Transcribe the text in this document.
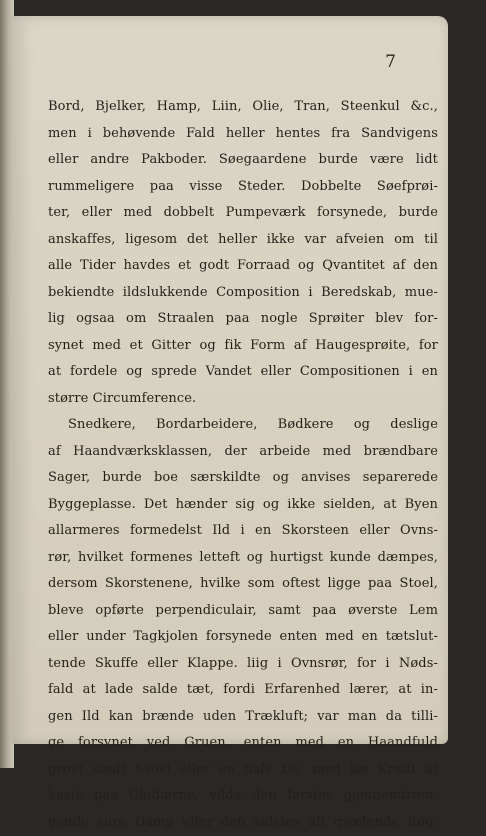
7
Bord, Bjelker, Hamp, Liin, Olie, Tran, Steenkul &c.,
men i behøvende Fald heller hentes fra Sandvigens
eller andre Pakboder. Søegaardene burde være lidt
rummeligere paa visse Steder. Dobbelte Søefprøi-
ter, eller med dobbelt Pumpeværk forsynede, burde
anskaffes, ligesom det heller ikke var afveien om til
alle Tider havdes et godt Forraad og Qvantitet af den
bekiendte ildslukkende Composition i Beredskab, mue-
lig ogsaa om Straalen paa nogle Sprøiter blev for-
synet med et Gitter og fik Form af Haugesprøite, for
at fordele og sprede Vandet eller Compositionen i en
større Circumference.
Snedkere, Bordarbeidere, Bødkere og deslige
af Haandværksklassen, der arbeide med brændbare
Sager, burde boe særskildte og anvises separerede
Byggeplasse. Det hænder sig og ikke sielden, at Byen
allarmeres formedelst Ild i en Skorsteen eller Ovns-
rør, hvilket formenes letteft og hurtigst kunde dæmpes,
dersom Skorstenene, hvilke som oftest ligge paa Stoel,
bleve opførte perpendiculair, samt paa øverste Lem
eller under Tagkjolen forsynede enten med en tætslut-
tende Skuffe eller Klappe. liig i Ovnsrør, for i Nøds-
fald at lade salde tæt, fordi Erfarenhed lærer, at in-
gen Ild kan brænde uden Trækluft; var man da tilli-
ge forsynet ved Gruen, enten med en Haandfuld
grovt stødt Svovl eller en halv Do. med løs Krudt at
kaste paa Glødærne, vilde den førstes gjennemtræn-
gende sure Damp eller den sidstes alt qvælende Røg,
